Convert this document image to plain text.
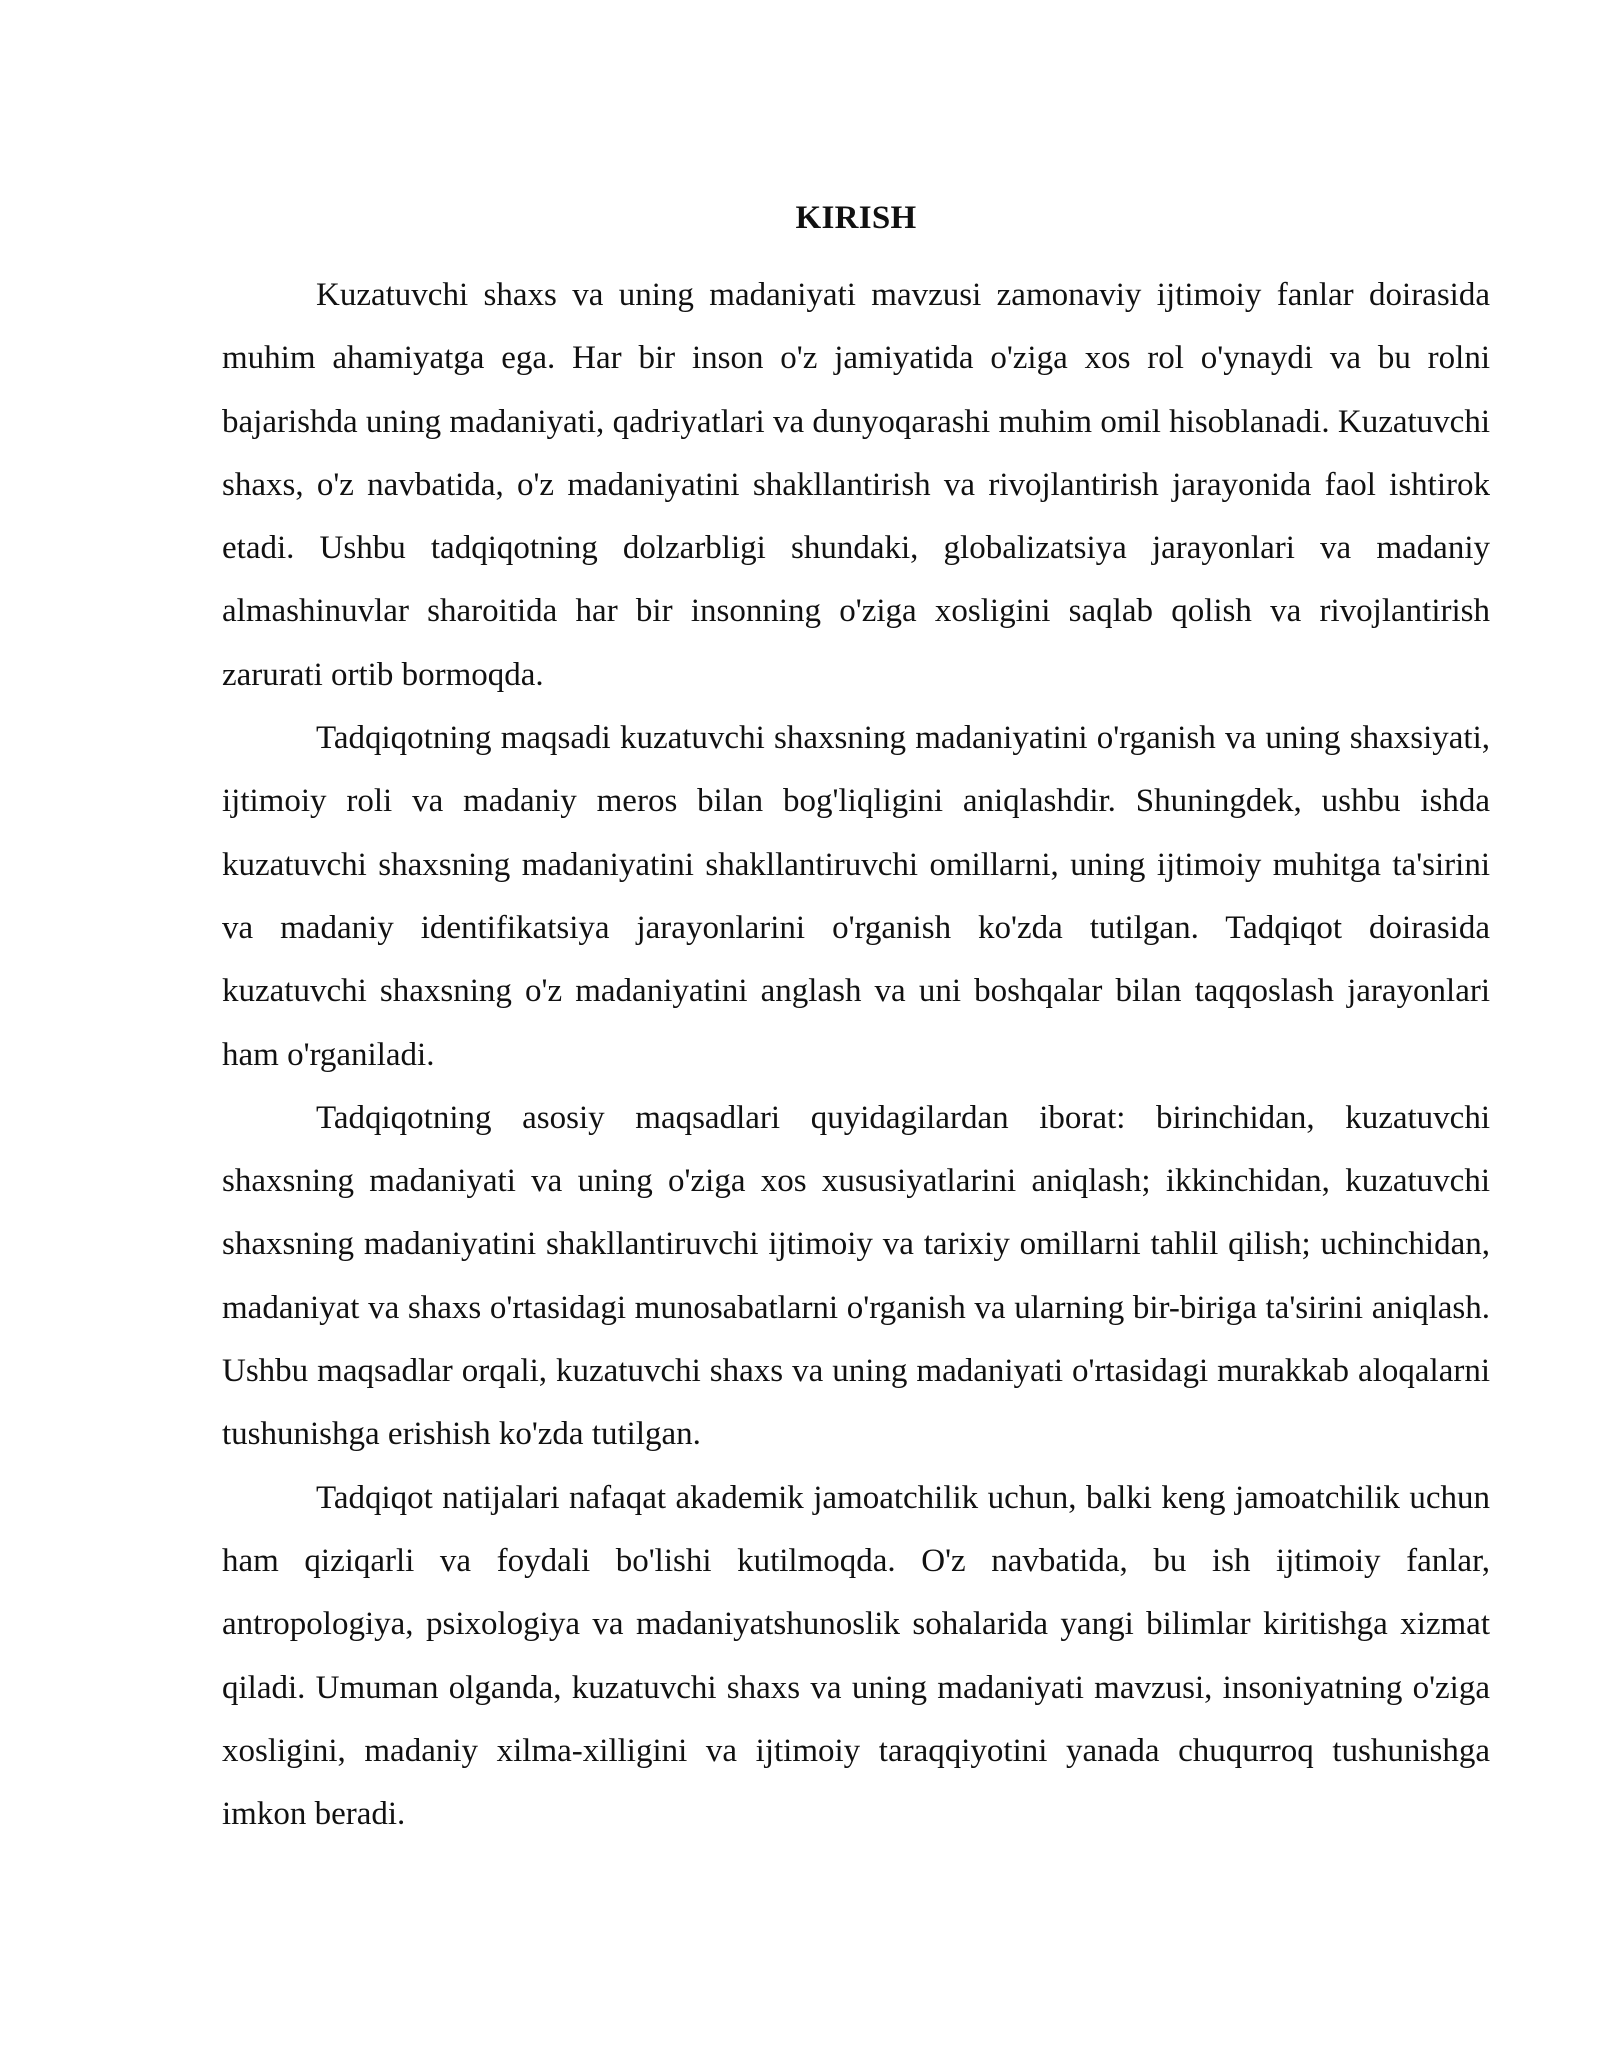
KIRISH

Kuzatuvchi shaxs va uning madaniyati mavzusi zamonaviy ijtimoiy fanlar doirasida muhim ahamiyatga ega. Har bir inson o'z jamiyatida o'ziga xos rol o'ynaydi va bu rolni bajarishda uning madaniyati, qadriyatlari va dunyoqarashi muhim omil hisoblanadi. Kuzatuvchi shaxs, o'z navbatida, o'z madaniyatini shakllantirish va rivojlantirish jarayonida faol ishtirok etadi. Ushbu tadqiqotning dolzarbligi shundaki, globalizatsiya jarayonlari va madaniy almashinuvlar sharoitida har bir insonning o'ziga xosligini saqlab qolish va rivojlantirish zarurati ortib bormoqda.

Tadqiqotning maqsadi kuzatuvchi shaxsning madaniyatini o'rganish va uning shaxsiyati, ijtimoiy roli va madaniy meros bilan bog'liqligini aniqlashdir. Shuningdek, ushbu ishda kuzatuvchi shaxsning madaniyatini shakllantiruvchi omillarni, uning ijtimoiy muhitga ta'sirini va madaniy identifikatsiya jarayonlarini o'rganish ko'zda tutilgan. Tadqiqot doirasida kuzatuvchi shaxsning o'z madaniyatini anglash va uni boshqalar bilan taqqoslash jarayonlari ham o'rganiladi.

Tadqiqotning asosiy maqsadlari quyidagilardan iborat: birinchidan, kuzatuvchi shaxsning madaniyati va uning o'ziga xos xususiyatlarini aniqlash; ikkinchidan, kuzatuvchi shaxsning madaniyatini shakllantiruvchi ijtimoiy va tarixiy omillarni tahlil qilish; uchinchidan, madaniyat va shaxs o'rtasidagi munosabatlarni o'rganish va ularning bir-biriga ta'sirini aniqlash. Ushbu maqsadlar orqali, kuzatuvchi shaxs va uning madaniyati o'rtasidagi murakkab aloqalarni tushunishga erishish ko'zda tutilgan.

Tadqiqot natijalari nafaqat akademik jamoatchilik uchun, balki keng jamoatchilik uchun ham qiziqarli va foydali bo'lishi kutilmoqda. O'z navbatida, bu ish ijtimoiy fanlar, antropologiya, psixologiya va madaniyatshunoslik sohalarida yangi bilimlar kiritishga xizmat qiladi. Umuman olganda, kuzatuvchi shaxs va uning madaniyati mavzusi, insoniyatning o'ziga xosligini, madaniy xilma-xilligini va ijtimoiy taraqqiyotini yanada chuqurroq tushunishga imkon beradi.
